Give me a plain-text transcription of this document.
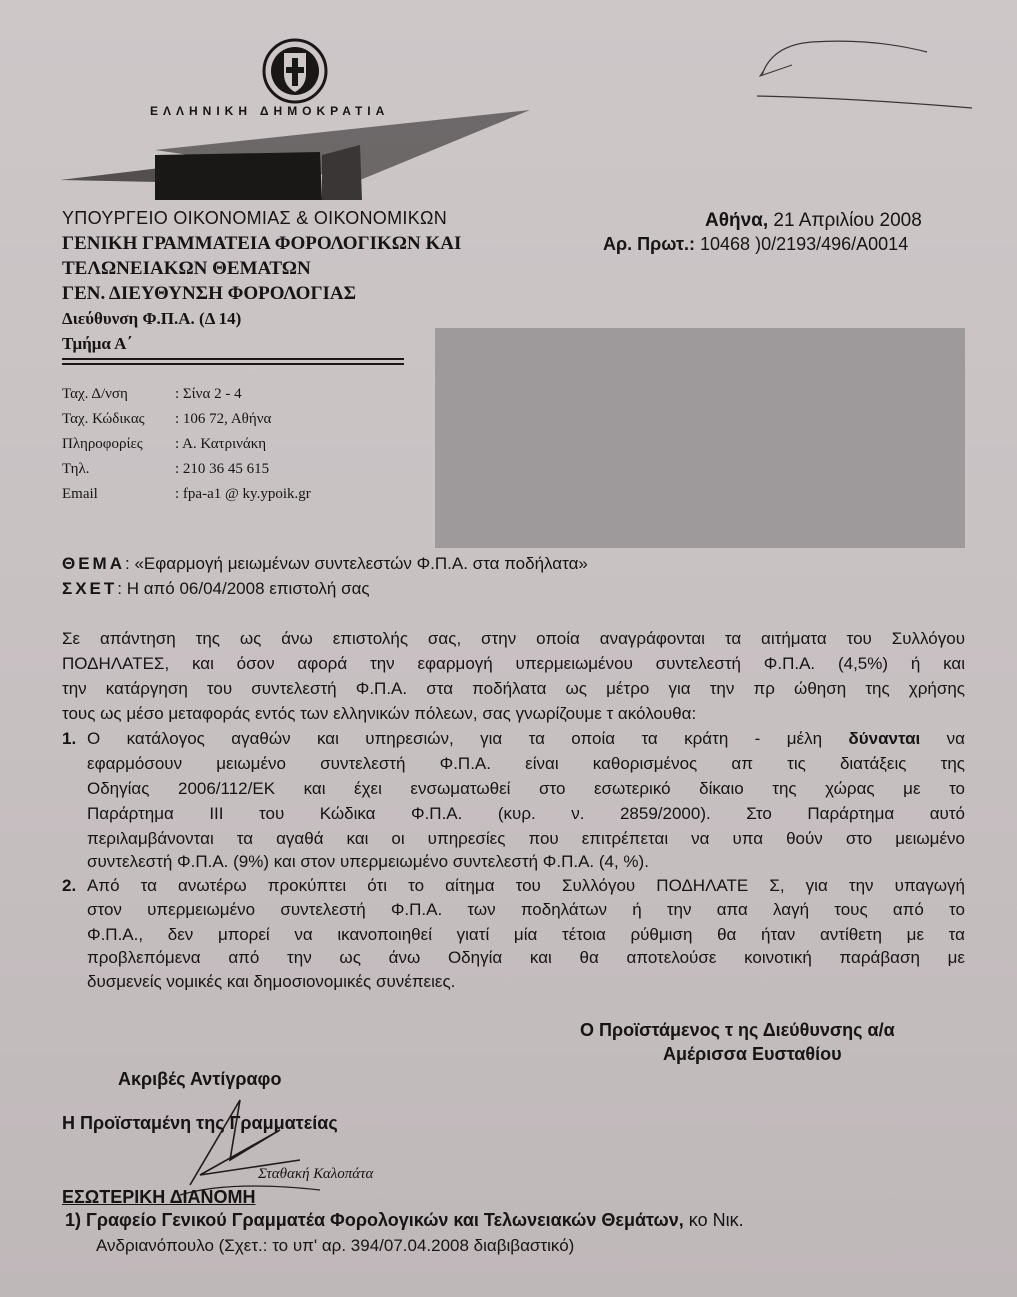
ΕΛΛΗΝΙΚΗ ΔΗΜΟΚΡΑΤΙΑ
ΥΠΟΥΡΓΕΙΟ ΟΙΚΟΝΟΜΙΑΣ & ΟΙΚΟΝΟΜΙΚΩΝ
ΓΕΝΙΚΗ ΓΡΑΜΜΑΤΕΙΑ ΦΟΡΟΛΟΓΙΚΩΝ ΚΑΙ
ΤΕΛΩΝΕΙΑΚΩΝ ΘΕΜΑΤΩΝ
ΓΕΝ. ΔΙΕΥΘΥΝΣΗ ΦΟΡΟΛΟΓΙΑΣ
Διεύθυνση Φ.Π.Α. (Δ 14)
Τμήμα Α΄
Ταχ. Δ/νση	: Σίνα 2 - 4
Ταχ. Κώδικας : 106 72, Αθήνα
Πληροφορίες : Α. Κατρινάκη
Τηλ.	: 210 36 45 615
Email	: fpa-a1 @ ky.ypoik.gr
Αθήνα, 21 Απριλίου 2008
Αρ. Πρωτ.: 10468 )0/2193/496/Α0014
ΘΕΜΑ: «Εφαρμογή μειωμένων συντελεστών Φ.Π.Α. στα ποδήλατα»
ΣΧΕΤ: Η από 06/04/2008 επιστολή σας
Σε απάντηση της ως άνω επιστολής σας, στην οποία αναγράφονται τα αιτήματα του Συλλόγου
ΠΟΔΗΛΑΤΕΣ, και όσον αφορά την εφαρμογή υπερμειωμένου συντελεστή Φ.Π.Α. (4,5%) ή και
την κατάργηση του συντελεστή Φ.Π.Α. στα ποδήλατα ως μέτρο για την πρ ώθηση της χρήσης
τους ως μέσο μεταφοράς εντός των ελληνικών πόλεων, σας γνωρίζουμε τ ακόλουθα:
1. Ο κατάλογος αγαθών και υπηρεσιών, για τα οποία τα κράτη - μέλη δύνανται να
εφαρμόσουν μειωμένο συντελεστή Φ.Π.Α. είναι καθορισμένος απ τις διατάξεις της
Οδηγίας 2006/112/ΕΚ και έχει ενσωματωθεί στο εσωτερικό δίκαιο της χώρας με το
Παράρτημα ΙΙΙ του Κώδικα Φ.Π.Α. (κυρ. ν. 2859/2000). Στο Παράρτημα αυτό
περιλαμβάνονται τα αγαθά και οι υπηρεσίες που επιτρέπεται να υπα θούν στο μειωμένο
συντελεστή Φ.Π.Α. (9%) και στον υπερμειωμένο συντελεστή Φ.Π.Α. (4, %).
2. Από τα ανωτέρω προκύπτει ότι το αίτημα του Συλλόγου ΠΟΔΗΛΑΤΕ Σ, για την υπαγωγή
στον υπερμειωμένο συντελεστή Φ.Π.Α. των ποδηλάτων ή την απα λαγή τους από το
Φ.Π.Α., δεν μπορεί να ικανοποιηθεί γιατί μία τέτοια ρύθμιση θα ήταν αντίθετη με τα
προβλεπόμενα από την ως άνω Οδηγία και θα αποτελούσε κοινοτική παράβαση με
δυσμενείς νομικές και δημοσιονομικές συνέπειες.
Ο Προϊστάμενος τ ης Διεύθυνσης α/α
Αμέρισσα Ευσταθίου
Ακριβές Αντίγραφο
Η Προϊσταμένη της Γραμματείας
Σταθακή Καλοπάτα
ΕΣΩΤΕΡΙΚΗ ΔΙΑΝΟΜΗ
1) Γραφείο Γενικού Γραμματέα Φορολογικών και Τελωνειακών Θεμάτων, κο Νικ.
Ανδριανόπουλο (Σχετ.: το υπ' αρ. 394/07.04.2008 διαβιβαστικό)
